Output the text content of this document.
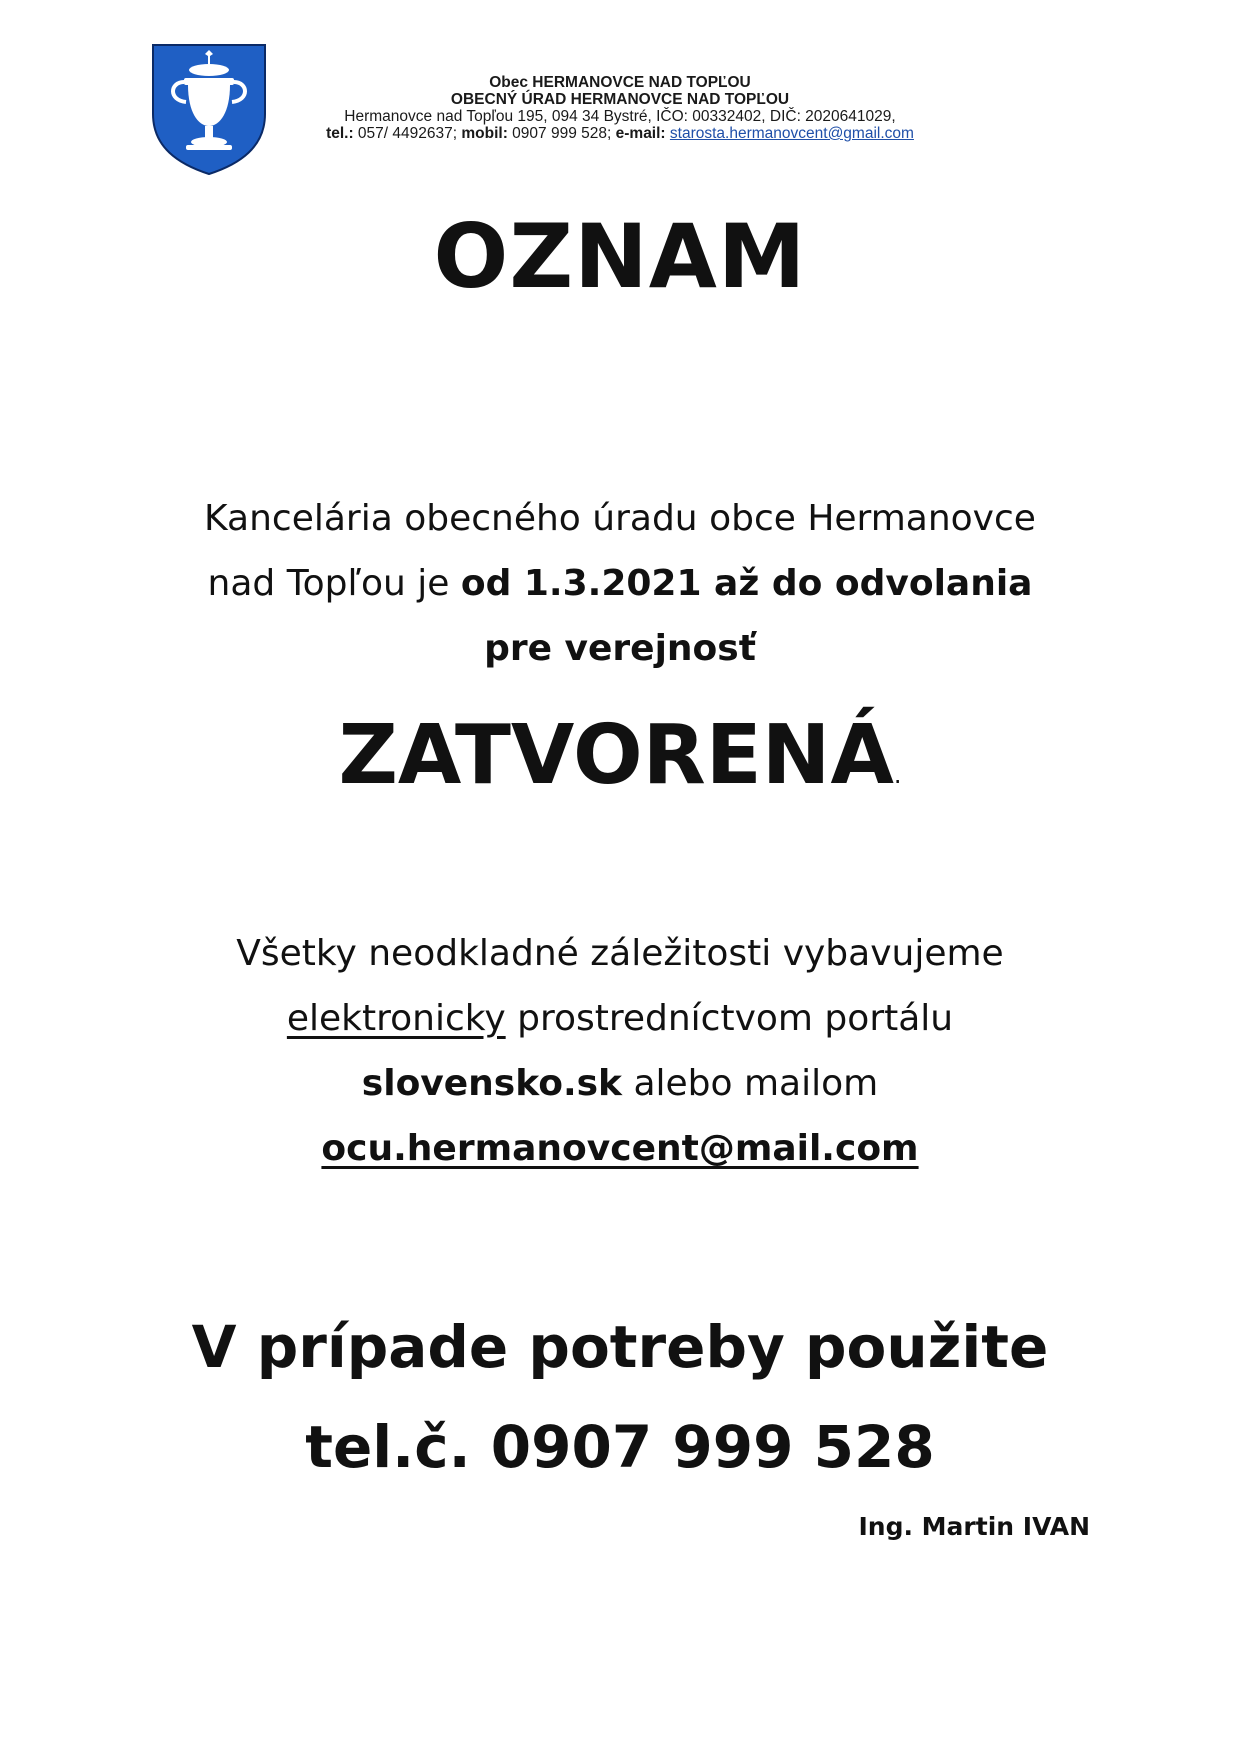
Obec HERMANOVCE NAD TOPĽOU
OBECNÝ ÚRAD HERMANOVCE NAD TOPĽOU
Hermanovce nad Topľou 195, 094 34 Bystré, IČO: 00332402, DIČ: 2020641029,
tel.: 057/ 4492637; mobil: 0907 999 528; e-mail: starosta.hermanovcent@gmail.com
OZNAM
Kancelária obecného úradu obce Hermanovce
nad Topľou je od 1.3.2021 až do odvolania
pre verejnosť
ZATVORENÁ.
Všetky neodkladné záležitosti vybavujeme
elektronicky prostredníctvom portálu
slovensko.sk alebo mailom
ocu.hermanovcent@mail.com
V prípade potreby použite
tel.č. 0907 999 528
Ing. Martin IVAN
